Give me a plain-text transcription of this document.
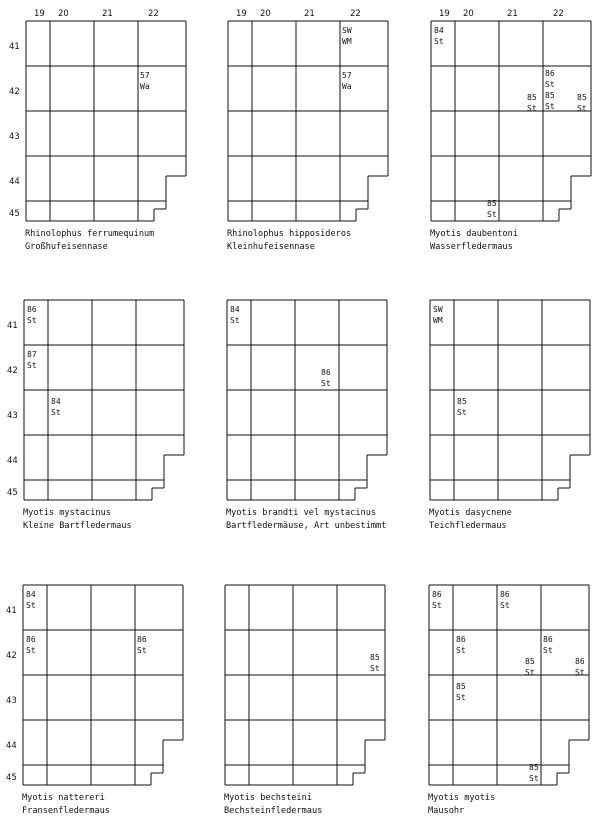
19 20	21	22
41
42
43
44
45
57
Wa
Rhinolophus ferrumequinum
Großhufeisennase
19 20	21	22
SW
WM
57
Wa
Rhinolophus hipposideros
Kleinhufeisennase
19 20	21	22
84
St
85
St
86
St
85
St
85
St
85
St
Myotis daubentoni
Wasserfledermaus
41
42
43
44
45
86
St
87
St
84
St
Myotis mystacinus
Kleine Bartfledermaus
84
St
86
St
Myotis brandti vel mystacinus
Bartfledermäuse, Art unbestimmt
SW
WM
85
St
Myotis dasycnene
Teichfledermaus
41
42
43
44
45
84
St
86
St
86
St
Myotis nattereri
Fransenfledermaus
85
St
Myotis bechsteini
Bechsteinfledermaus
86
St
86
St
86
St
85
St
86
St
86
St
85
St
85
St
Myotis myotis
Mausohr
